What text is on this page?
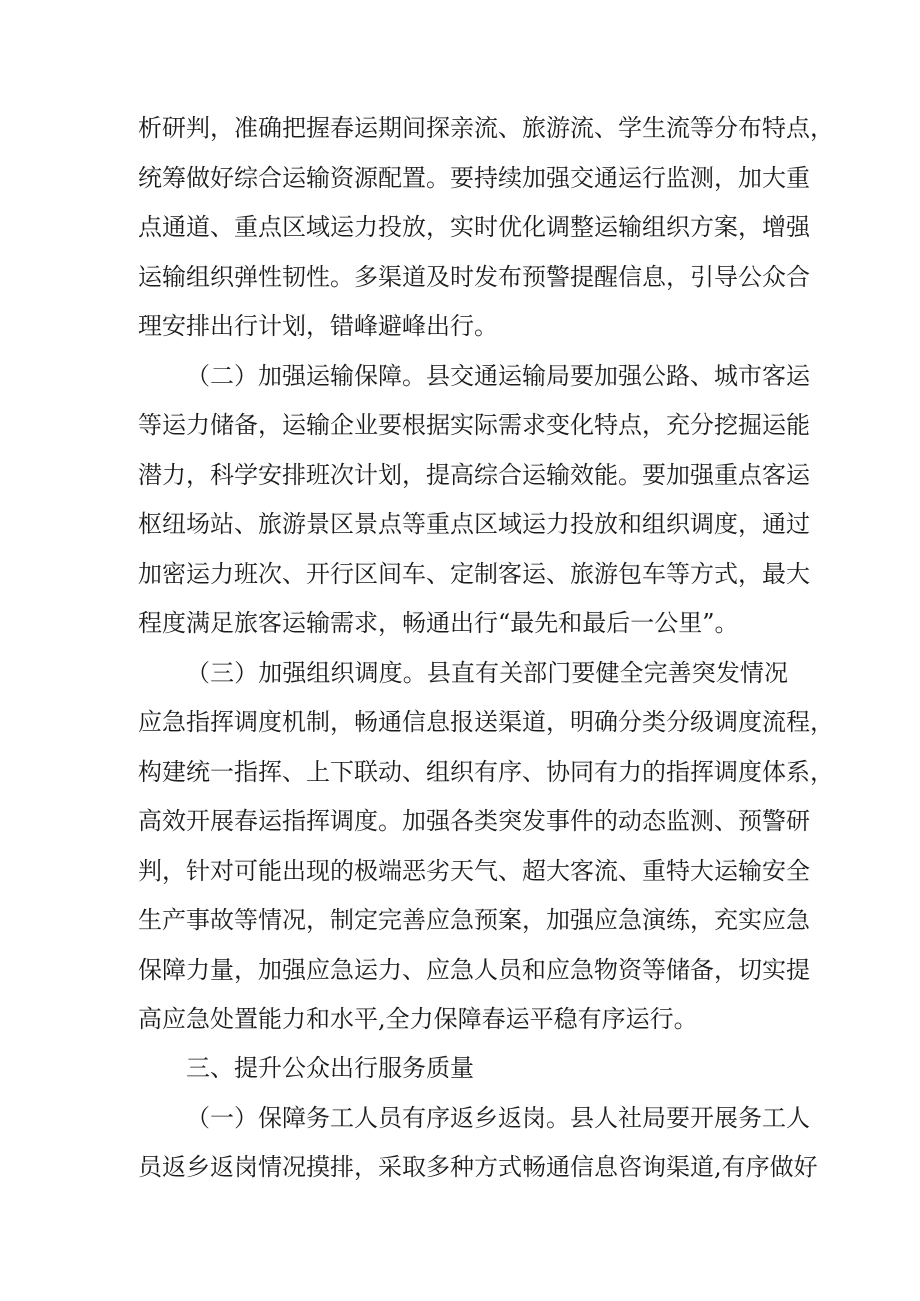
析研判，准确把握春运期间探亲流、旅游流、学生流等分布特点，
统筹做好综合运输资源配置。要持续加强交通运行监测，加大重
点通道、重点区域运力投放，实时优化调整运输组织方案，增强
运输组织弹性韧性。多渠道及时发布预警提醒信息，引导公众合
理安排出行计划，错峰避峰出行。
（二）加强运输保障。县交通运输局要加强公路、城市客运
等运力储备，运输企业要根据实际需求变化特点，充分挖掘运能
潜力，科学安排班次计划，提高综合运输效能。要加强重点客运
枢纽场站、旅游景区景点等重点区域运力投放和组织调度，通过
加密运力班次、开行区间车、定制客运、旅游包车等方式，最大
程度满足旅客运输需求，畅通出行“最先和最后一公里”。
（三）加强组织调度。县直有关部门要健全完善突发情况
应急指挥调度机制，畅通信息报送渠道，明确分类分级调度流程，
构建统一指挥、上下联动、组织有序、协同有力的指挥调度体系，
高效开展春运指挥调度。加强各类突发事件的动态监测、预警研
判，针对可能出现的极端恶劣天气、超大客流、重特大运输安全
生产事故等情况，制定完善应急预案，加强应急演练，充实应急
保障力量，加强应急运力、应急人员和应急物资等储备，切实提
高应急处置能力和水平,全力保障春运平稳有序运行。
三、提升公众出行服务质量
（一）保障务工人员有序返乡返岗。县人社局要开展务工人
员返乡返岗情况摸排，采取多种方式畅通信息咨询渠道,有序做好
